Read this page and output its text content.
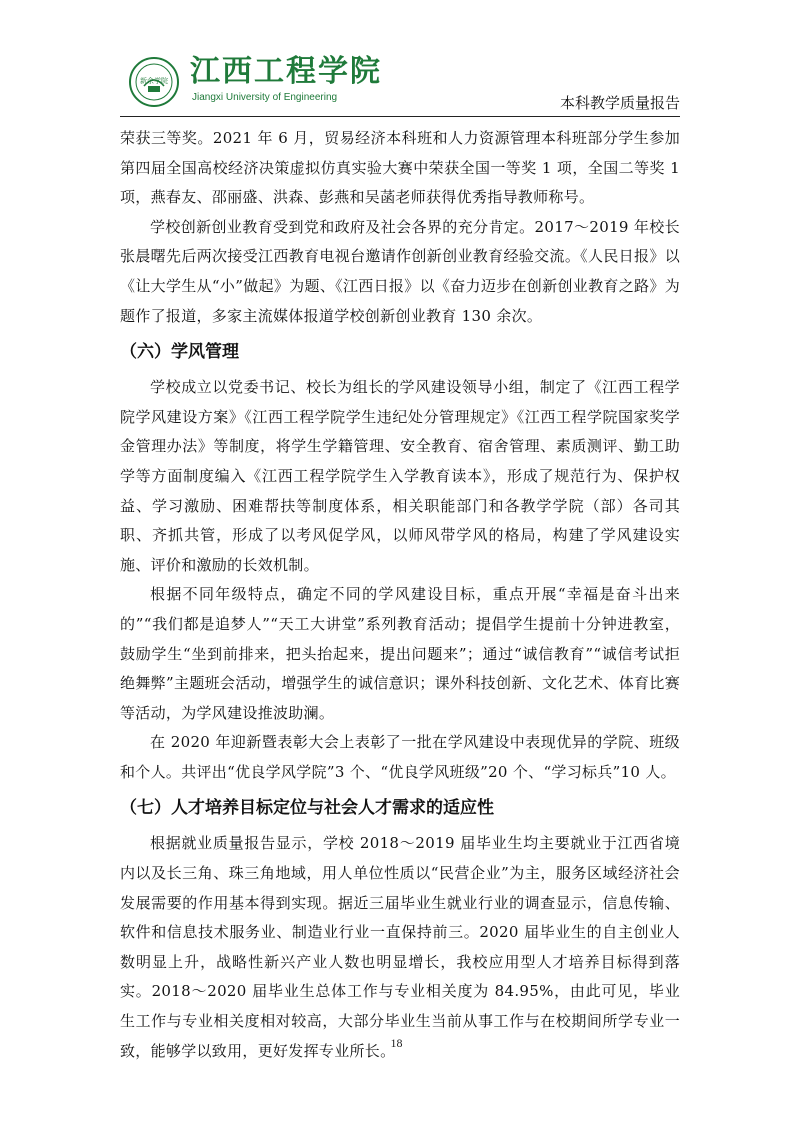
新余学院 江西工程学院
Jiangxi University of Engineering	本科教学质量报告

荣获三等奖。2021 年 6 月，贸易经济本科班和人力资源管理本科班部分学生参加第四届全国高校经济决策虚拟仿真实验大赛中荣获全国一等奖 1 项，全国二等奖 1 项，燕春友、邵丽盛、洪森、彭燕和吴菡老师获得优秀指导教师称号。

学校创新创业教育受到党和政府及社会各界的充分肯定。2017～2019 年校长张晨曙先后两次接受江西教育电视台邀请作创新创业教育经验交流。《人民日报》以《让大学生从“小”做起》为题、《江西日报》以《奋力迈步在创新创业教育之路》为题作了报道，多家主流媒体报道学校创新创业教育 130 余次。

（六）学风管理

学校成立以党委书记、校长为组长的学风建设领导小组，制定了《江西工程学院学风建设方案》《江西工程学院学生违纪处分管理规定》《江西工程学院国家奖学金管理办法》等制度，将学生学籍管理、安全教育、宿舍管理、素质测评、勤工助学等方面制度编入《江西工程学院学生入学教育读本》，形成了规范行为、保护权益、学习激励、困难帮扶等制度体系，相关职能部门和各教学学院（部）各司其职、齐抓共管，形成了以考风促学风，以师风带学风的格局，构建了学风建设实施、评价和激励的长效机制。

根据不同年级特点，确定不同的学风建设目标，重点开展“幸福是奋斗出来的”“我们都是追梦人”“天工大讲堂”系列教育活动；提倡学生提前十分钟进教室，鼓励学生“坐到前排来，把头抬起来，提出问题来”；通过“诚信教育”“诚信考试拒绝舞弊”主题班会活动，增强学生的诚信意识；课外科技创新、文化艺术、体育比赛等活动，为学风建设推波助澜。

在 2020 年迎新暨表彰大会上表彰了一批在学风建设中表现优异的学院、班级和个人。共评出“优良学风学院”3 个、“优良学风班级”20 个、“学习标兵”10 人。

（七）人才培养目标定位与社会人才需求的适应性

根据就业质量报告显示，学校 2018～2019 届毕业生均主要就业于江西省境内以及长三角、珠三角地域，用人单位性质以“民营企业”为主，服务区域经济社会发展需要的作用基本得到实现。据近三届毕业生就业行业的调查显示，信息传输、软件和信息技术服务业、制造业行业一直保持前三。2020 届毕业生的自主创业人数明显上升，战略性新兴产业人数也明显增长，我校应用型人才培养目标得到落实。2018～2020 届毕业生总体工作与专业相关度为 84.95%，由此可见，毕业生工作与专业相关度相对较高，大部分毕业生当前从事工作与在校期间所学专业一致，能够学以致用，更好发挥专业所长。

18
